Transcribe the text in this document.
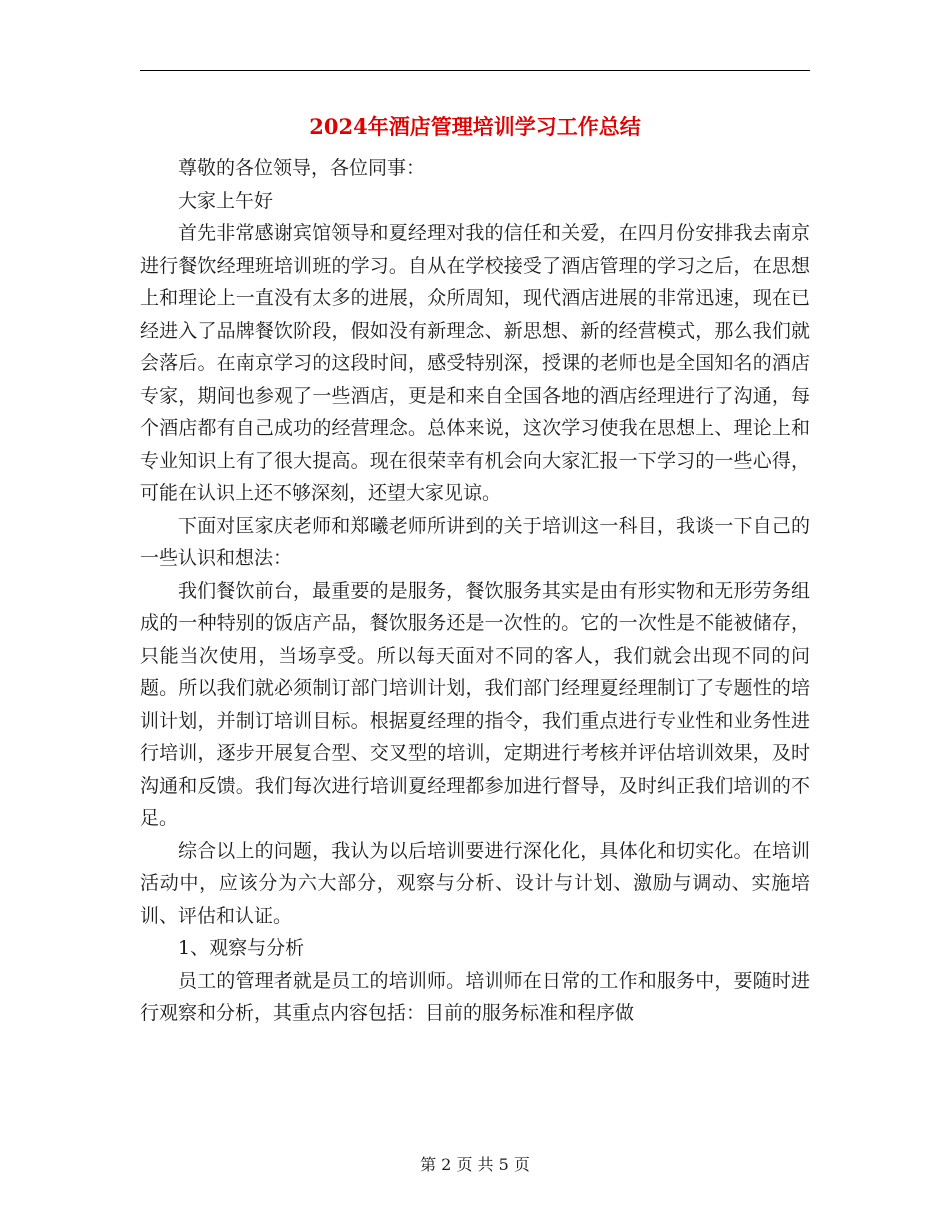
2024年酒店管理培训学习工作总结

尊敬的各位领导，各位同事：

大家上午好

首先非常感谢宾馆领导和夏经理对我的信任和关爱，在四月份安排我去南京进行餐饮经理班培训班的学习。自从在学校接受了酒店管理的学习之后，在思想上和理论上一直没有太多的进展，众所周知，现代酒店进展的非常迅速，现在已经进入了品牌餐饮阶段，假如没有新理念、新思想、新的经营模式，那么我们就会落后。在南京学习的这段时间，感受特别深，授课的老师也是全国知名的酒店专家，期间也参观了一些酒店，更是和来自全国各地的酒店经理进行了沟通，每个酒店都有自己成功的经营理念。总体来说，这次学习使我在思想上、理论上和专业知识上有了很大提高。现在很荣幸有机会向大家汇报一下学习的一些心得，可能在认识上还不够深刻，还望大家见谅。

下面对匡家庆老师和郑曦老师所讲到的关于培训这一科目，我谈一下自己的一些认识和想法：

我们餐饮前台，最重要的是服务，餐饮服务其实是由有形实物和无形劳务组成的一种特别的饭店产品，餐饮服务还是一次性的。它的一次性是不能被储存，只能当次使用，当场享受。所以每天面对不同的客人，我们就会出现不同的问题。所以我们就必须制订部门培训计划，我们部门经理夏经理制订了专题性的培训计划，并制订培训目标。根据夏经理的指令，我们重点进行专业性和业务性进行培训，逐步开展复合型、交叉型的培训，定期进行考核并评估培训效果，及时沟通和反馈。我们每次进行培训夏经理都参加进行督导，及时纠正我们培训的不足。

综合以上的问题，我认为以后培训要进行深化化，具体化和切实化。在培训活动中，应该分为六大部分，观察与分析、设计与计划、激励与调动、实施培训、评估和认证。

1、观察与分析

员工的管理者就是员工的培训师。培训师在日常的工作和服务中，要随时进行观察和分析，其重点内容包括：目前的服务标准和程序做

第 2 页 共 5 页
